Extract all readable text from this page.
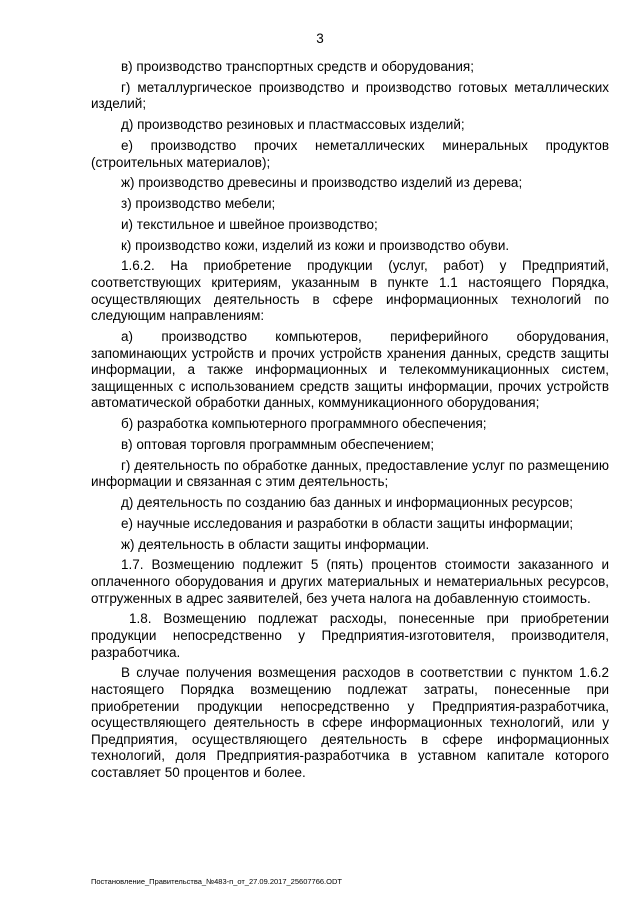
3

в) производство транспортных средств и оборудования;

г) металлургическое производство и производство готовых металлических изделий;

д) производство резиновых и пластмассовых изделий;

е) производство прочих неметаллических минеральных продуктов (строительных материалов);

ж) производство древесины и производство изделий из дерева;

з) производство мебели;

и) текстильное и швейное производство;

к) производство кожи, изделий из кожи и производство обуви.

1.6.2. На приобретение продукции (услуг, работ) у Предприятий, соответствующих критериям, указанным в пункте 1.1 настоящего Порядка, осуществляющих деятельность в сфере информационных технологий по следующим направлениям:

а) производство компьютеров, периферийного оборудования, запоминающих устройств и прочих устройств хранения данных, средств защиты информации, а также информационных и телекоммуникационных систем, защищенных с использованием средств защиты информации, прочих устройств автоматической обработки данных, коммуникационного оборудования;

б) разработка компьютерного программного обеспечения;

в) оптовая торговля программным обеспечением;

г) деятельность по обработке данных, предоставление услуг по размещению информации и связанная с этим деятельность;

д) деятельность по созданию баз данных и информационных ресурсов;

е) научные исследования и разработки в области защиты информации;

ж) деятельность в области защиты информации.

1.7. Возмещению подлежит 5 (пять) процентов стоимости заказанного и оплаченного оборудования и других материальных и нематериальных ресурсов, отгруженных в адрес заявителей, без учета налога на добавленную стоимость.

1.8. Возмещению подлежат расходы, понесенные при приобретении продукции непосредственно у Предприятия-изготовителя, производителя, разработчика.

В случае получения возмещения расходов в соответствии с пунктом 1.6.2 настоящего Порядка возмещению подлежат затраты, понесенные при приобретении продукции непосредственно у Предприятия-разработчика, осуществляющего деятельность в сфере информационных технологий, или у Предприятия, осуществляющего деятельность в сфере информационных технологий, доля Предприятия-разработчика в уставном капитале которого составляет 50 процентов и более.

Постановление_Правительства_№483-п_от_27.09.2017_25607766.ODT
